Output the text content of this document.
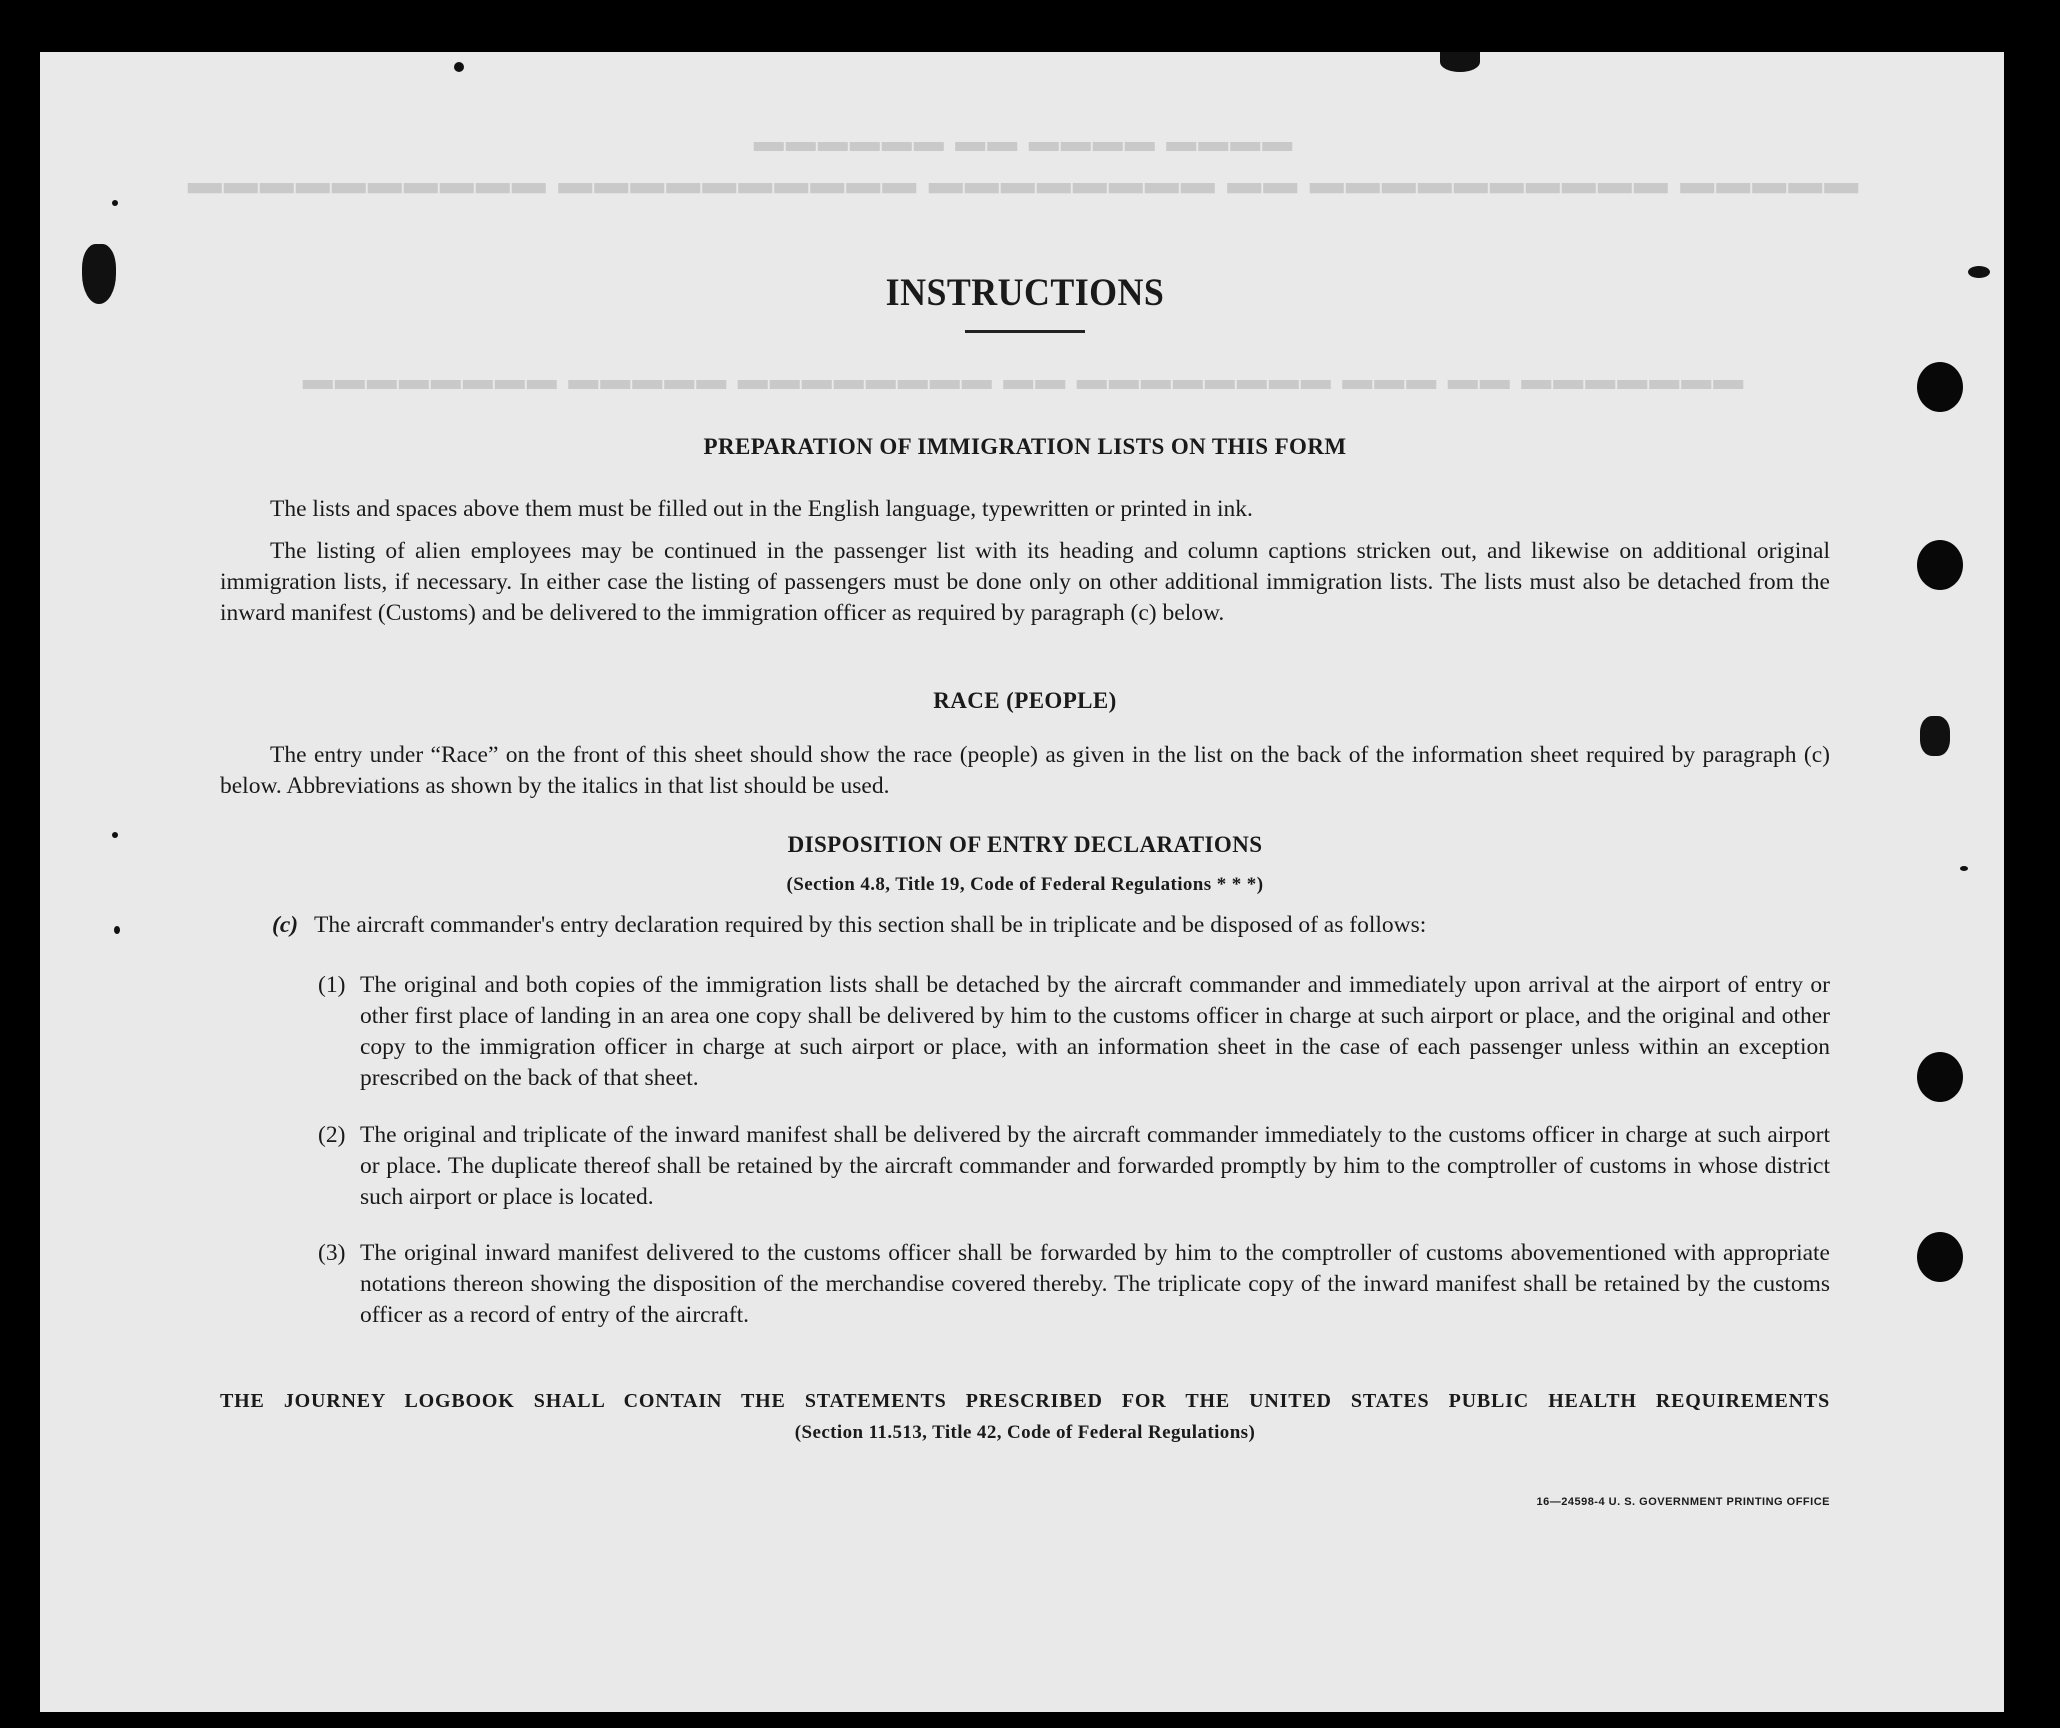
▬▬▬▬ ▬▬▬▬ ▬▬ ▬▬▬▬▬▬
▬▬▬▬▬ ▬▬▬▬▬▬▬▬▬▬ ▬▬ ▬▬▬▬▬▬▬▬ ▬▬▬▬▬▬▬▬▬▬ ▬▬▬▬▬▬▬▬▬▬
▬▬▬▬▬▬▬ ▬▬ ▬▬▬ ▬▬▬▬▬▬▬▬ ▬▬ ▬▬▬▬▬▬▬▬ ▬▬▬▬▬ ▬▬▬▬▬▬▬▬
INSTRUCTIONS
PREPARATION OF IMMIGRATION LISTS ON THIS FORM
The lists and spaces above them must be filled out in the English language, typewritten or printed in ink.
The listing of alien employees may be continued in the passenger list with its heading and column captions stricken out, and likewise on additional original immigration lists, if necessary. In either case the listing of passengers must be done only on other additional immigration lists. The lists must also be detached from the inward manifest (Customs) and be delivered to the immigration officer as required by paragraph (c) below.
RACE (PEOPLE)
The entry under “Race” on the front of this sheet should show the race (people) as given in the list on the back of the information sheet required by paragraph (c) below. Abbreviations as shown by the italics in that list should be used.
DISPOSITION OF ENTRY DECLARATIONS
(Section 4.8, Title 19, Code of Federal Regulations * * *)
(c) The aircraft commander's entry declaration required by this section shall be in triplicate and be disposed of as follows:
(1) The original and both copies of the immigration lists shall be detached by the aircraft commander and immediately upon arrival at the airport of entry or other first place of landing in an area one copy shall be delivered by him to the customs officer in charge at such airport or place, and the original and other copy to the immigration officer in charge at such airport or place, with an information sheet in the case of each passenger unless within an exception prescribed on the back of that sheet.
(2) The original and triplicate of the inward manifest shall be delivered by the aircraft commander immediately to the customs officer in charge at such airport or place. The duplicate thereof shall be retained by the aircraft commander and forwarded promptly by him to the comptroller of customs in whose district such airport or place is located.
(3) The original inward manifest delivered to the customs officer shall be forwarded by him to the comptroller of customs abovementioned with appropriate notations thereon showing the disposition of the merchandise covered thereby. The triplicate copy of the inward manifest shall be retained by the customs officer as a record of entry of the aircraft.
THE JOURNEY LOGBOOK SHALL CONTAIN THE STATEMENTS PRESCRIBED FOR THE UNITED STATES PUBLIC HEALTH REQUIREMENTS
(Section 11.513, Title 42, Code of Federal Regulations)
16—24598-4 U. S. GOVERNMENT PRINTING OFFICE
